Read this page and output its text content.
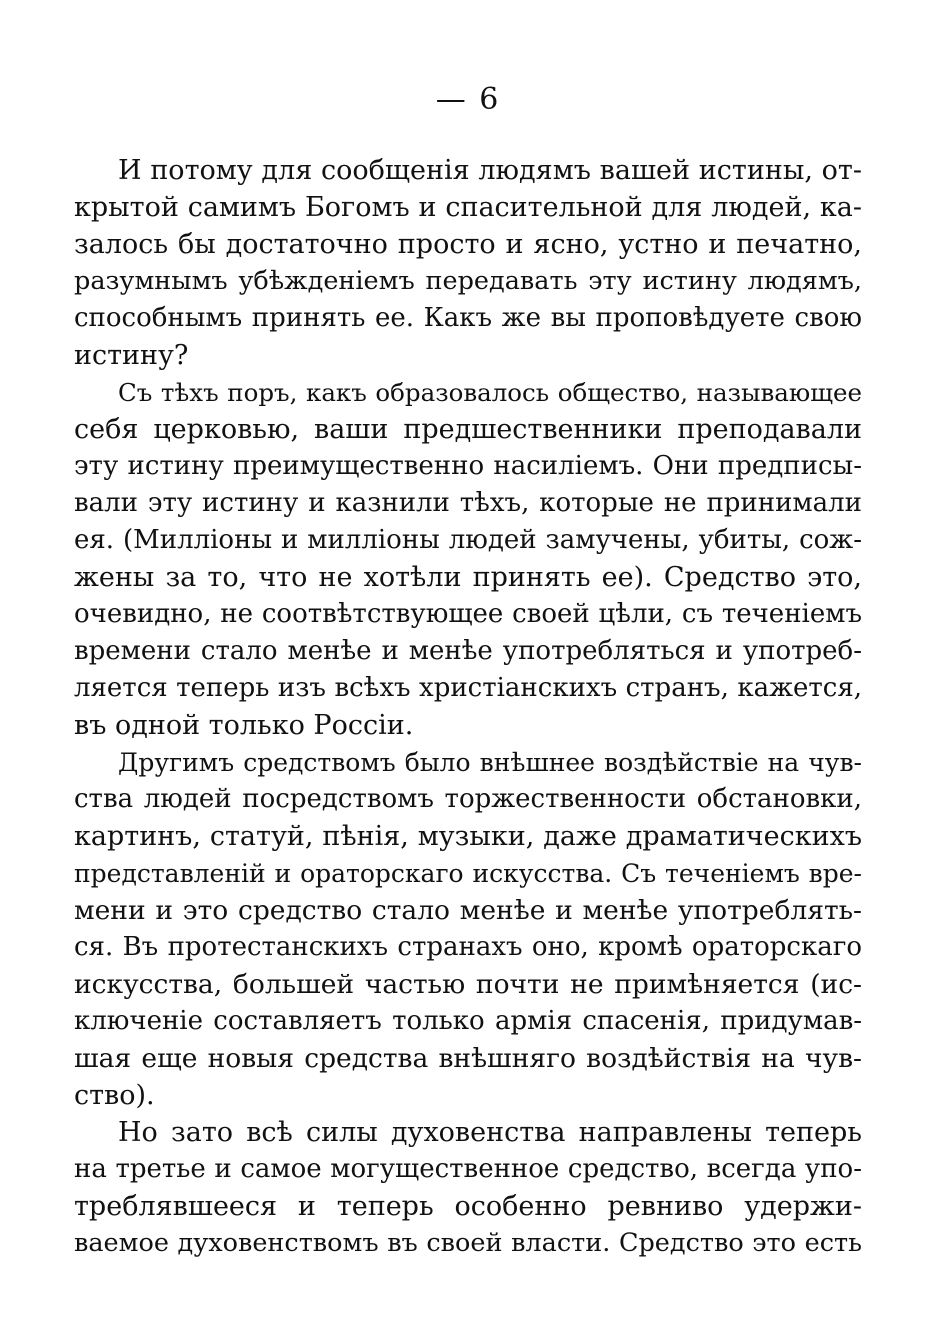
— 6
И потому для сообщенія людямъ вашей истины, от-
крытой самимъ Богомъ и спасительной для людей, ка-
залось бы достаточно просто и ясно, устно и печатно,
разумнымъ убѣжденіемъ передавать эту истину людямъ,
способнымъ принять ее. Какъ же вы проповѣдуете свою
истину?
Съ тѣхъ поръ, какъ образовалось общество, называющее
себя церковью, ваши предшественники преподавали
эту истину преимущественно насиліемъ. Они предписы-
вали эту истину и казнили тѣхъ, которые не принимали
ея. (Милліоны и милліоны людей замучены, убиты, сож-
жены за то, что не хотѣли принять ее). Средство это,
очевидно, не соотвѣтствующее своей цѣли, съ теченіемъ
времени стало менѣе и менѣе употребляться и употреб-
ляется теперь изъ всѣхъ христіанскихъ странъ, кажется,
въ одной только Россіи.
Другимъ средствомъ было внѣшнее воздѣйствіе на чув-
ства людей посредствомъ торжественности обстановки,
картинъ, статуй, пѣнія, музыки, даже драматическихъ
представленій и ораторскаго искусства. Съ теченіемъ вре-
мени и это средство стало менѣе и менѣе употреблять-
ся. Въ протестанскихъ странахъ оно, кромѣ ораторскаго
искуcства, большей частью почти не примѣняется (ис-
ключеніе составляетъ только армія спасенія, придумав-
шая еще новыя средства внѣшняго воздѣйствія на чув-
ство).
Но зато всѣ силы духовенства направлены теперь
на третье и самое могущественное средство, всегда упо-
треблявшееся и теперь особенно ревниво удержи-
ваемое духовенствомъ въ своей власти. Средство это есть
